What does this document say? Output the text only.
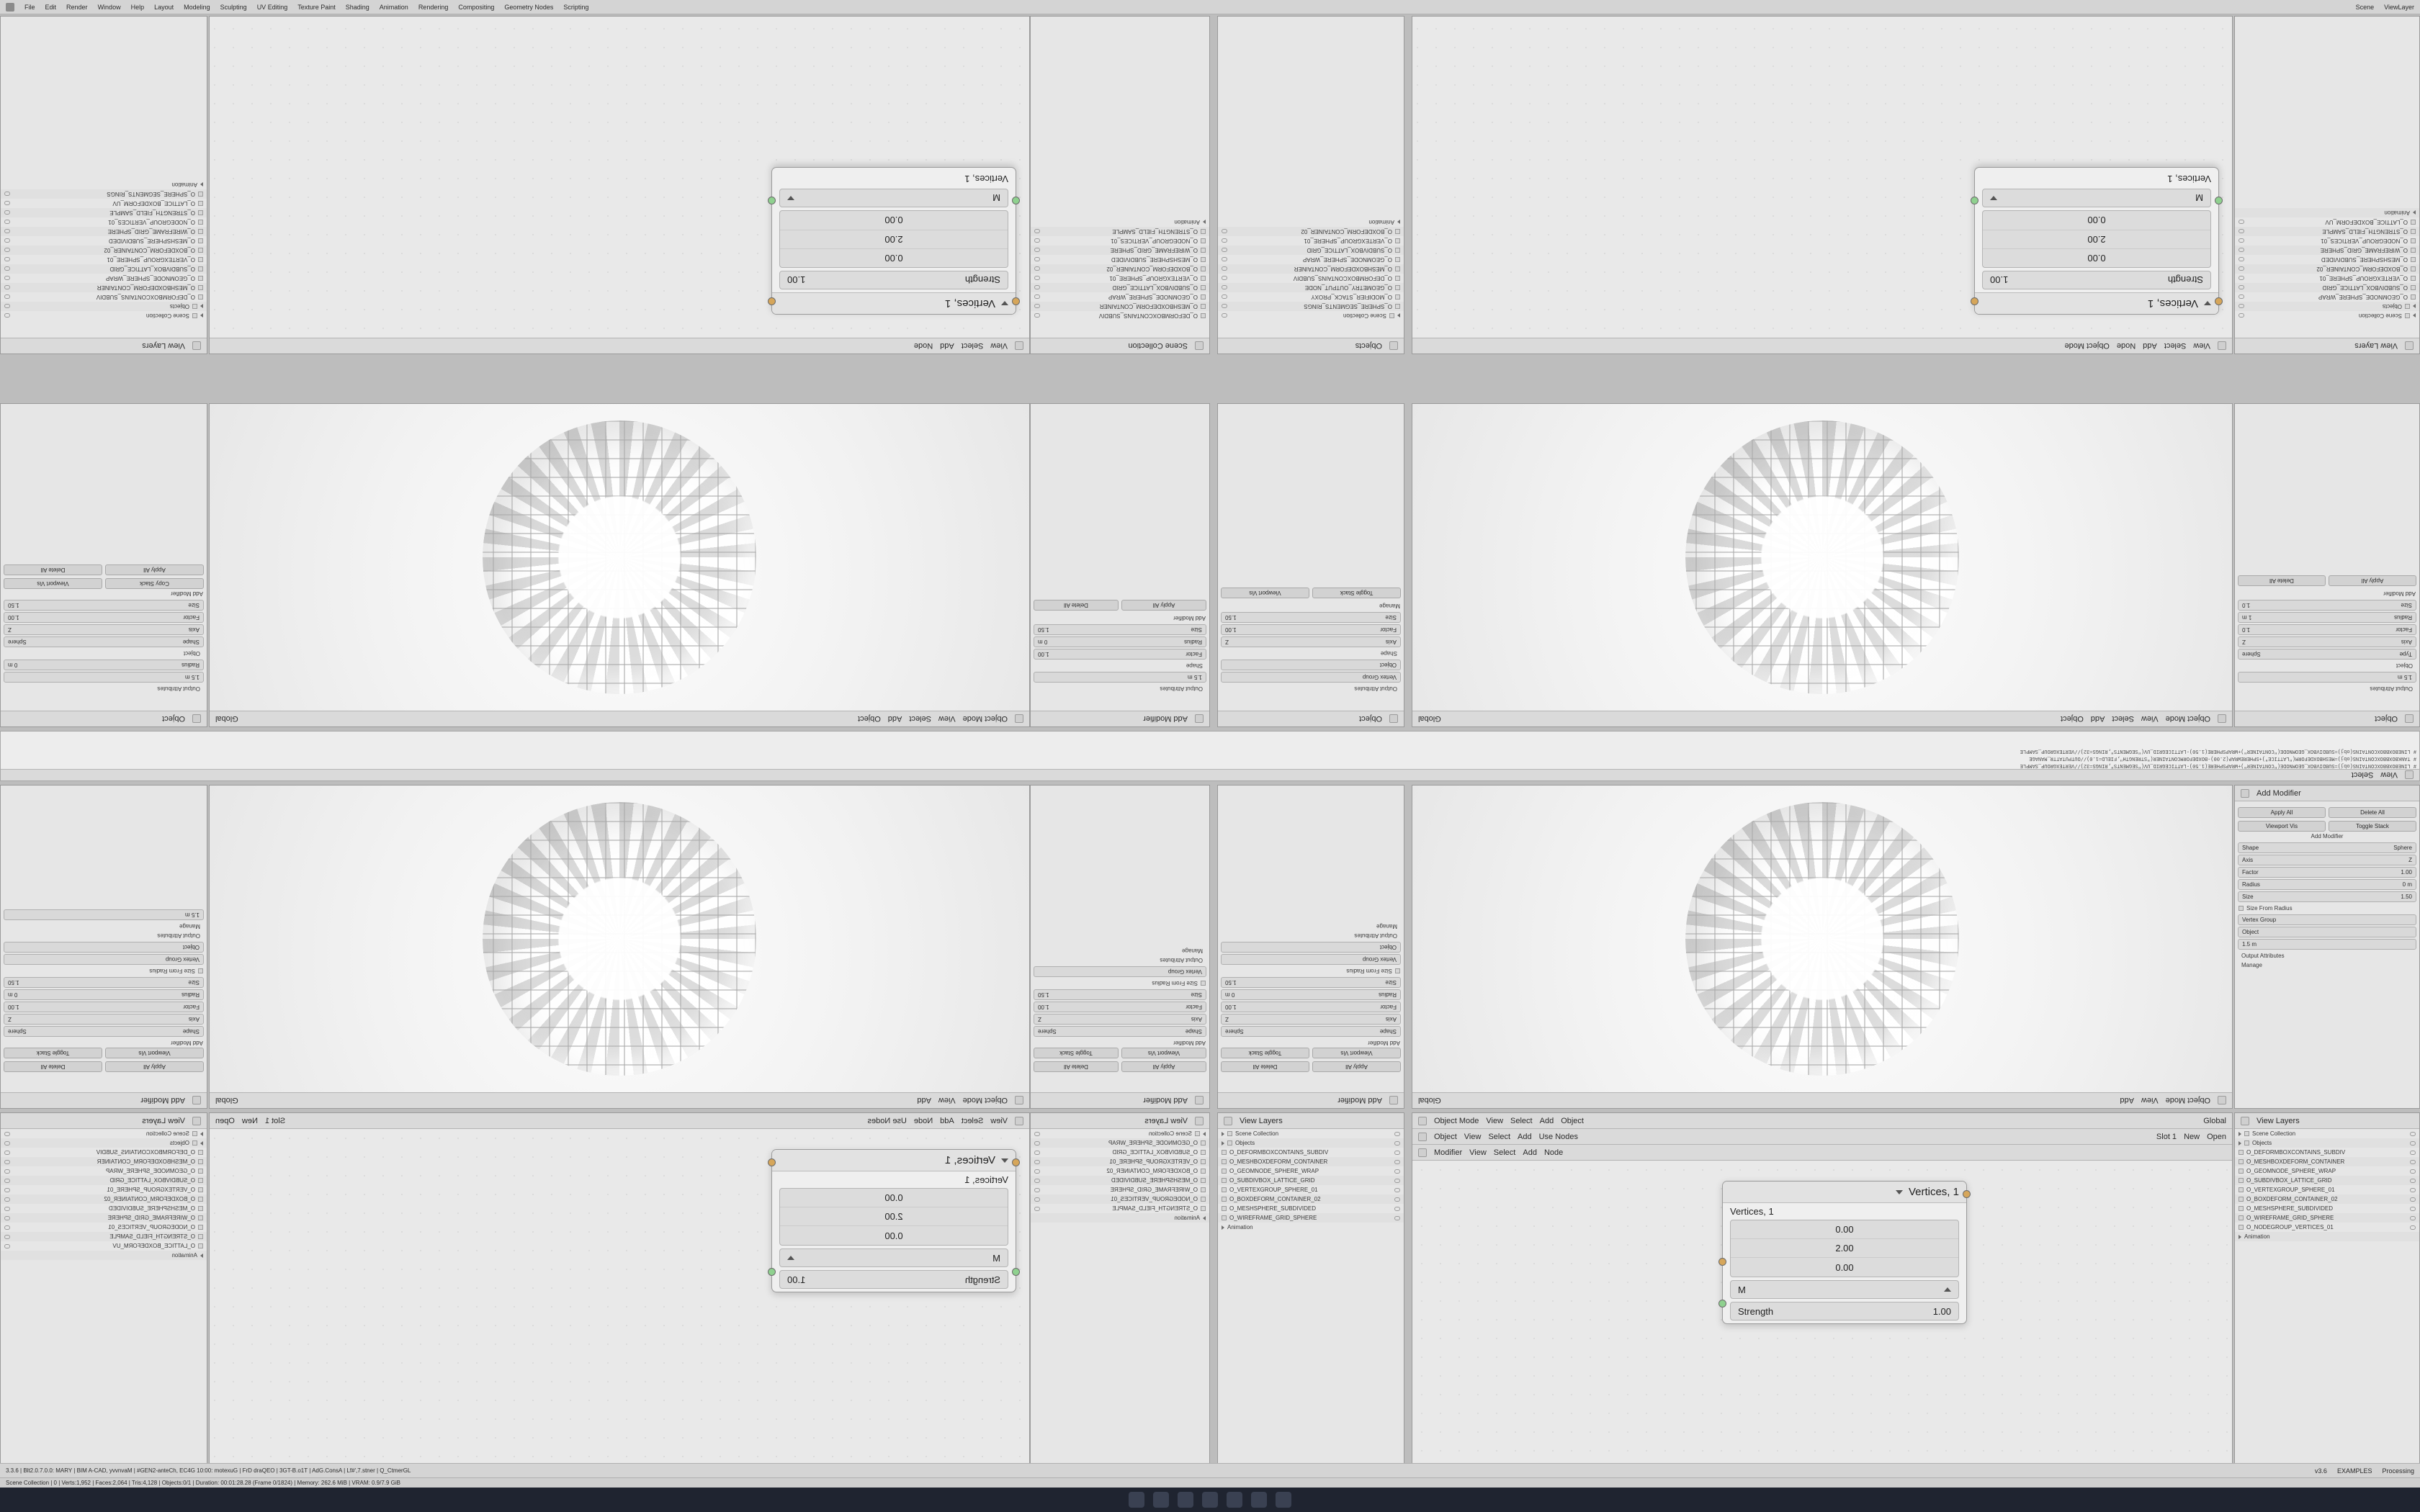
File Edit Render Window Help Layout Modeling Sculpting UV Editing Texture Paint Shading Animation Rendering Compositing Geometry Nodes Scripting	Scene ViewLayer
View
Select
Add
Node
Vertices, 1
Strength
1.00
0.00
2.00
0.00
M
Vertices, 1
View Layers
Scene Collection
Objects
O_DEFORMBOXCONTAINS_SUBDIV
O_MESHBOXDEFORM_CONTAINER
O_GEOMNODE_SPHERE_WRAP
O_SUBDIVBOX_LATTICE_GRID
O_VERTEXGROUP_SPHERE_01
O_BOXDEFORM_CONTAINER_02
O_MESHSPHERE_SUBDIVIDED
O_WIREFRAME_GRID_SPHERE
O_NODEGROUP_VERTICES_01
O_STRENGTH_FIELD_SAMPLE
O_LATTICE_BOXDEFORM_UV
O_SPHERE_SEGMENTS_RINGS
Animation
View
Select
Add
Node
Object Mode
Vertices, 1
Strength
1.00
0.00
2.00
0.00
M
Vertices, 1
View Layers
Scene Collection
Objects
O_GEOMNODE_SPHERE_WRAP
O_SUBDIVBOX_LATTICE_GRID
O_VERTEXGROUP_SPHERE_01
O_BOXDEFORM_CONTAINER_02
O_MESHSPHERE_SUBDIVIDED
O_WIREFRAME_GRID_SPHERE
O_NODEGROUP_VERTICES_01
O_STRENGTH_FIELD_SAMPLE
O_LATTICE_BOXDEFORM_UV
Animation
Scene Collection
O_DEFORMBOXCONTAINS_SUBDIV
O_MESHBOXDEFORM_CONTAINER
O_GEOMNODE_SPHERE_WRAP
O_SUBDIVBOX_LATTICE_GRID
O_VERTEXGROUP_SPHERE_01
O_BOXDEFORM_CONTAINER_02
O_MESHSPHERE_SUBDIVIDED
O_WIREFRAME_GRID_SPHERE
O_NODEGROUP_VERTICES_01
O_STRENGTH_FIELD_SAMPLE
Animation
Objects
Scene Collection
O_SPHERE_SEGMENTS_RINGS
O_MODIFIER_STACK_PROXY
O_GEOMETRY_OUTPUT_NODE
O_DEFORMBOXCONTAINS_SUBDIV
O_MESHBOXDEFORM_CONTAINER
O_GEOMNODE_SPHERE_WRAP
O_SUBDIVBOX_LATTICE_GRID
O_VERTEXGROUP_SPHERE_01
O_BOXDEFORM_CONTAINER_02
Animation
Object Mode
View
Select
Add
Object
Global	Object Mode
View
Select
Add
Object
Global
Object
Output Attributes
1.5 m
Radius
0 m
Object
Shape
Sphere
Axis
Z
Factor
1.00
Size
1.50
Add Modifier
Copy Stack
Viewport Vis
Apply All
Delete All
Add Modifier
Output Attributes
1.5 m
Shape
Factor
1.00
Radius
0 m
Size
1.50
Add Modifier
Apply All
Delete All
Object
Output Attributes
Vertex Group
Object
Shape
Axis
Z
Factor
1.00
Size
1.50
Manage
Toggle Stack
Viewport Vis
Object
Output Attributes
1.5 m
Object
Type
Sphere
Axis
Z
Factor
1.0
Radius
1 m
Size
1.0
Add Modifier
Apply All
Delete All
View
Select
# LINEBOXBBOXCONTAINS(obj)=SUBDIVBOX_GEOMNODE("CONTAINER")+WRAPSPHERE(1.50)-LATTICEGRID_UV("SEGMENTS",RINGS=32)//VERTEXGROUP_SAMPLE
# TANKBOXBBOXCONTAINS(obj)=MESHBOXDEFORM("LATTICE")+SPHEREWRAP(2.00)-BOXDEFORMCONTAINER("STRENGTH",FIELD=1.0)//OUTPUTATTR_MANAGE
# LINEBOXBBOXCONTAINS(obj)=SUBDIVBOX_GEOMNODE("CONTAINER")+WRAPSPHERE(1.50)-LATTICEGRID_UV("SEGMENTS",RINGS=32)//VERTEXGROUP_SAMPLE
Object Mode
View
Add
Global	Object Mode
View
Add
Global
Add Modifier
Apply All
Delete All
Viewport Vis
Toggle Stack
Add Modifier
Shape
Sphere
Axis
Z
Factor
1.00
Radius
0 m
Size
1.50
Size From Radius
Vertex Group
Object
Output Attributes
Manage
1.5 m
Add Modifier
Apply All
Delete All
Viewport Vis
Toggle Stack
Add Modifier
Shape
Sphere
Axis
Z
Factor
1.00
Size
1.50
Size From Radius
Vertex Group
Output Attributes
Manage
Add Modifier
Apply All
Delete All
Viewport Vis
Toggle Stack
Add Modifier
Shape
Sphere
Axis
Z
Factor
1.00
Radius
0 m
Size
1.50
Size From Radius
Vertex Group
Object
Output Attributes
Manage
Add Modifier
Apply All	Delete All
Viewport Vis	Toggle Stack
Add Modifier
Shape	Sphere
Axis	Z
Factor	1.00
Radius	0 m
Size	1.50
Size From Radius
Vertex Group
Object
1.5 m
Output Attributes
Manage
View
Select
Add
Node
Use Nodes
Slot 1
New
Open
Vertices, 1
Vertices, 1
0.00
2.00
0.00
M
Strength
1.00
Object Mode View Select Add Object	Global
Object View Select Add Use Nodes	Slot 1 New Open
Modifier View Select Add Node
Vertices, 1
Vertices, 1
0.00
2.00
0.00
M
Strength	1.00
View Layers
Scene Collection
Objects
O_DEFORMBOXCONTAINS_SUBDIV
O_MESHBOXDEFORM_CONTAINER
O_GEOMNODE_SPHERE_WRAP
O_SUBDIVBOX_LATTICE_GRID
O_VERTEXGROUP_SPHERE_01
O_BOXDEFORM_CONTAINER_02
O_MESHSPHERE_SUBDIVIDED
O_WIREFRAME_GRID_SPHERE
O_NODEGROUP_VERTICES_01
O_STRENGTH_FIELD_SAMPLE
O_LATTICE_BOXDEFORM_UV
Animation
View Layers
Scene Collection
O_GEOMNODE_SPHERE_WRAP
O_SUBDIVBOX_LATTICE_GRID
O_VERTEXGROUP_SPHERE_01
O_BOXDEFORM_CONTAINER_02
O_MESHSPHERE_SUBDIVIDED
O_WIREFRAME_GRID_SPHERE
O_NODEGROUP_VERTICES_01
O_STRENGTH_FIELD_SAMPLE
Animation
View Layers
Scene Collection
Objects
O_DEFORMBOXCONTAINS_SUBDIV
O_MESHBOXDEFORM_CONTAINER
O_GEOMNODE_SPHERE_WRAP
O_SUBDIVBOX_LATTICE_GRID
O_VERTEXGROUP_SPHERE_01
O_BOXDEFORM_CONTAINER_02
O_MESHSPHERE_SUBDIVIDED
O_WIREFRAME_GRID_SPHERE
Animation
View Layers
Scene Collection
Objects
O_DEFORMBOXCONTAINS_SUBDIV
O_MESHBOXDEFORM_CONTAINER
O_GEOMNODE_SPHERE_WRAP
O_SUBDIVBOX_LATTICE_GRID
O_VERTEXGROUP_SPHERE_01
O_BOXDEFORM_CONTAINER_02
O_MESHSPHERE_SUBDIVIDED
O_WIREFRAME_GRID_SPHERE
O_NODEGROUP_VERTICES_01
Animation
3.3.6 | Blt2.0.7.0.0: MARY | BIM A-CAD, yvvnvaM | #GEN2-anteCh, EC4G 10:00: motexuG | FrD draQEO | 3GT-B.o1T | AdG.ConsA | Lf#',7.stner | Q_CtmerGL	v3.6 EXAMPLES Processing
Scene Collection | 0 | Verts:1,952 | Faces:2,064 | Tris:4,128 | Objects:0/1 | Duration: 00:01:28.28 (Frame 0/1824) | Memory: 262.6 MiB | VRAM: 0.9/7.9 GiB
